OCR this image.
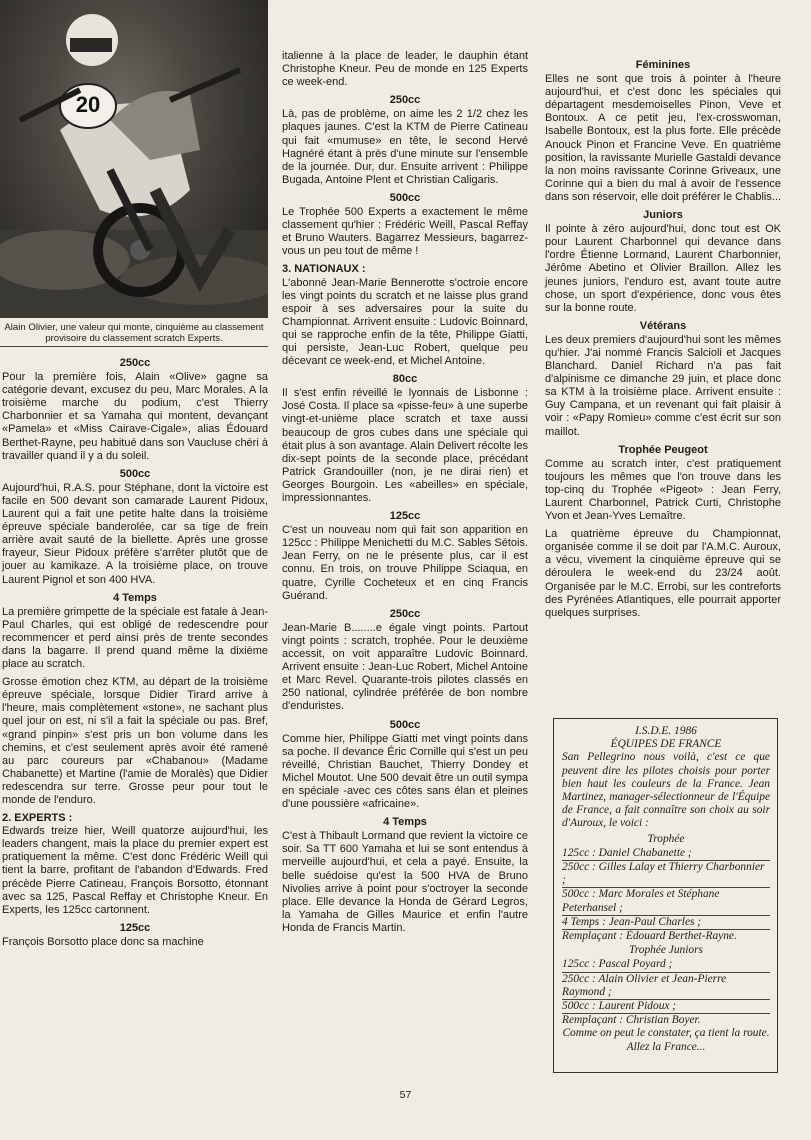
20
Alain Olivier, une valeur qui monte, cinquième au classement provisoire du classement scratch Experts.
250cc

Pour la première fois, Alain «Olive» gagne sa catégorie devant, excusez du peu, Marc Morales. A la troisième marche du podium, c'est Thierry Charbonnier et sa Yamaha qui montent, devançant «Pamela» et «Miss Cairave-Cigale», alias Édouard Berthet-Rayne, peu habitué dans son Vaucluse chéri à travailler quand il y a du soleil.

500cc

Aujourd'hui, R.A.S. pour Stéphane, dont la victoire est facile en 500 devant son camarade Laurent Pidoux, Laurent qui a fait une petite halte dans la troisième épreuve spéciale banderolée, car sa tige de frein arrière avait sauté de la biellette. Après une grosse frayeur, Sieur Pidoux préfère s'arrêter plutôt que de jouer au kamikaze. A la troisième place, on trouve Laurent Pignol et son 400 HVA.

4 Temps

La première grimpette de la spéciale est fatale à Jean-Paul Charles, qui est obligé de redescendre pour recommencer et perd ainsi près de trente secondes dans la bagarre. Il prend quand même la dixième place au scratch.

Grosse émotion chez KTM, au départ de la troisième épreuve spéciale, lorsque Didier Tirard arrive à l'heure, mais complètement «stone», ne sachant plus quel jour on est, ni s'il a fait la spéciale ou pas. Bref, «grand pinpin» s'est pris un bon volume dans les chemins, et c'est seulement après avoir été ramené au parc coureurs par «Chabanou» (Madame Chabanette) et Martine (l'amie de Moralès) que Didier redescendra sur terre. Grosse peur pour tout le monde de l'enduro.

2. EXPERTS :

Edwards treize hier, Weill quatorze aujourd'hui, les leaders changent, mais la place du premier expert est pratiquement la même. C'est donc Frédéric Weill qui tient la barre, profitant de l'abandon d'Edwards. Fred précède Pierre Catineau, François Borsotto, étonnant avec sa 125, Pascal Reffay et Christophe Kneur. En Experts, les 125cc cartonnent.

125cc

François Borsotto place donc sa machine

italienne à la place de leader, le dauphin étant Christophe Kneur. Peu de monde en 125 Experts ce week-end.

250cc

Là, pas de problème, on aime les 2 1/2 chez les plaques jaunes. C'est la KTM de Pierre Catineau qui fait «mumuse» en tête, le second Hervé Hagnéré étant à près d'une minute sur l'ensemble de la journée. Dur, dur. Ensuite arrivent : Philippe Bugada, Antoine Plent et Christian Caligaris.

500cc

Le Trophée 500 Experts a exactement le même classement qu'hier : Frédéric Weill, Pascal Reffay et Bruno Wauters. Bagarrez Messieurs, bagarrez-vous un peu tout de même !

3. NATIONAUX :

L'abonné Jean-Marie Bennerotte s'octroie encore les vingt points du scratch et ne laisse plus grand espoir à ses adversaires pour la suite du Championnat. Arrivent ensuite : Ludovic Boinnard, qui se rapproche enfin de la tête, Philippe Giatti, qui persiste, Jean-Luc Robert, quelque peu décevant ce week-end, et Michel Antoine.

80cc

Il s'est enfin réveillé le lyonnais de Lisbonne : José Costa. Il place sa «pisse-feu» à une superbe vingt-et-unième place scratch et taxe aussi beaucoup de gros cubes dans une spéciale qui était plus à son avantage. Alain Delivert récolte les dix-sept points de la seconde place, précédant Patrick Grandouiller (non, je ne dirai rien) et Georges Bourgoin. Les «abeilles» en spéciale, impressionnantes.

125cc

C'est un nouveau nom qui fait son apparition en 125cc : Philippe Menichetti du M.C. Sables Sétois. Jean Ferry, on ne le présente plus, car il est connu. En trois, on trouve Philippe Sciaqua, en quatre, Cyrille Cocheteux et en cinq Francis Guérand.

250cc

Jean-Marie B........e égale vingt points. Partout vingt points : scratch, trophée. Pour le deuxième accessit, on voit apparaître Ludovic Boinnard. Arrivent ensuite : Jean-Luc Robert, Michel Antoine et Marc Revel. Quarante-trois pilotes classés en 250 national, cylindrée préférée de bon nombre d'enduristes.

500cc

Comme hier, Philippe Giatti met vingt points dans sa poche. Il devance Éric Cornille qui s'est un peu réveillé, Christian Bauchet, Thierry Dondey et Michel Moutot. Une 500 devait être un outil sympa en spéciale -avec ces côtes sans élan et pleines d'une poussière «africaine».

4 Temps

C'est à Thibault Lormand que revient la victoire ce soir. Sa TT 600 Yamaha et lui se sont entendus à merveille aujourd'hui, et cela a payé. Ensuite, la belle suédoise qu'est la 500 HVA de Bruno Nivolies arrive à point pour s'octroyer la seconde place. Elle devance la Honda de Gérard Legros, la Yamaha de Gilles Maurice et enfin l'autre Honda de Francis Martin.

Féminines

Elles ne sont que trois à pointer à l'heure aujourd'hui, et c'est donc les spéciales qui départagent mesdemoiselles Pinon, Veve et Bontoux. A ce petit jeu, l'ex-crosswoman, Isabelle Bontoux, est la plus forte. Elle précède Anouck Pinon et Francine Veve. En quatrième position, la ravissante Murielle Gastaldi devance la non moins ravissante Corinne Griveaux, une Corinne qui a bien du mal à avoir de l'essence dans son réservoir, elle doit préférer le Chablis...

Juniors

Il pointe à zéro aujourd'hui, donc tout est OK pour Laurent Charbonnel qui devance dans l'ordre Étienne Lormand, Laurent Charbonnier, Jérôme Abetino et Olivier Braillon. Allez les jeunes juniors, l'enduro est, avant toute autre chose, un sport d'expérience, donc vous êtes sur la bonne route.

Vétérans

Les deux premiers d'aujourd'hui sont les mêmes qu'hier. J'ai nommé Francis Salcioli et Jacques Blanchard. Daniel Richard n'a pas fait d'alpinisme ce dimanche 29 juin, et place donc sa KTM à la troisième place. Arrivent ensuite : Guy Campana, et un revenant qui fait plaisir à voir : «Papy Romieu» comme c'est écrit sur son maillot.

Trophée Peugeot

Comme au scratch inter, c'est pratiquement toujours les mêmes que l'on trouve dans les top-cinq du Trophée «Pigeot» : Jean Ferry, Laurent Charbonnel, Patrick Curti, Christophe Yvon et Jean-Yves Lemaître.

La quatrième épreuve du Championnat, organisée comme il se doit par l'A.M.C. Auroux, a vécu, vivement la cinquième épreuve qui se déroulera le week-end du 23/24 août. Organisée par le M.C. Errobi, sur les contreforts des Pyrénées Atlantiques, elle pourrait apporter quelques surprises.

I.S.D.E. 1986
ÉQUIPES DE FRANCE
San Pellegrino nous voilà, c'est ce que peuvent dire les pilotes choisis pour porter bien haut les couleurs de la France. Jean Martinez, manager-sélectionneur de l'Équipe de France, a fait connaître son choix au soir d'Auroux, le voici :
Trophée
125cc : Daniel Chabanette ;
250cc : Gilles Lalay et Thierry Charbonnier ;
500cc : Marc Morales et Stéphane Peterhansel ;
4 Temps : Jean-Paul Charles ;
Remplaçant : Édouard Berthet-Rayne.
Trophée Juniors
125cc : Pascal Poyard ;
250cc : Alain Olivier et Jean-Pierre Raymond ;
500cc : Laurent Pidoux ;
Remplaçant : Christian Boyer.
Comme on peut le constater, ça tient la route. Allez la France...
57
